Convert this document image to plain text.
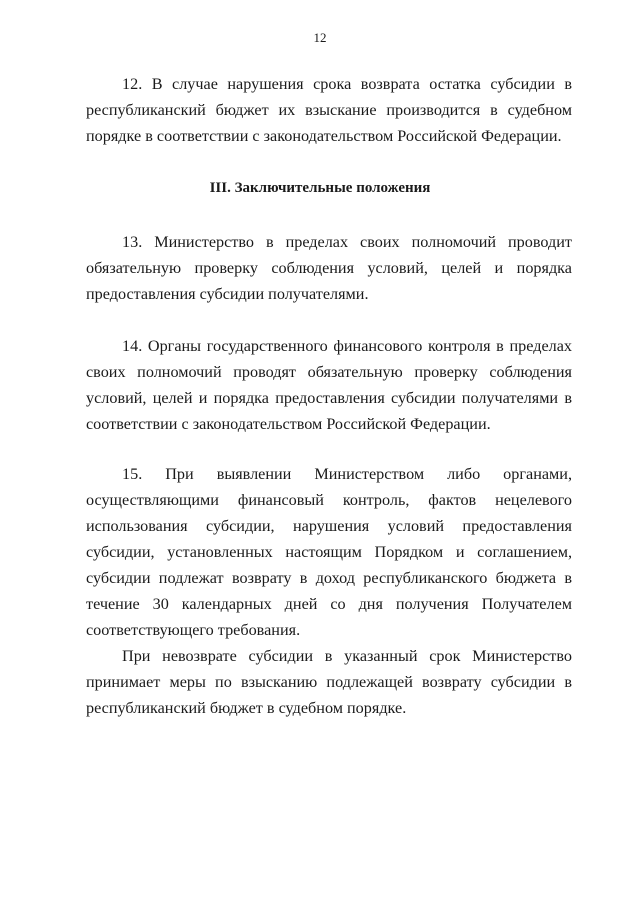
12

12. В случае нарушения срока возврата остатка субсидии в республиканский бюджет их взыскание производится в судебном порядке в соответствии с законодательством Российской Федерации.

III. Заключительные положения

13. Министерство в пределах своих полномочий проводит обязательную проверку соблюдения условий, целей и порядка предоставления субсидии получателями.

14. Органы государственного финансового контроля в пределах своих полномочий проводят обязательную проверку соблюдения условий, целей и порядка предоставления субсидии получателями в соответствии с законодательством Российской Федерации.

15. При выявлении Министерством либо органами, осуществляющими финансовый контроль, фактов нецелевого использования субсидии, нарушения условий предоставления субсидии, установленных настоящим Порядком и соглашением, субсидии подлежат возврату в доход республиканского бюджета в течение 30 календарных дней со дня получения Получателем соответствующего требования.

При невозврате субсидии в указанный срок Министерство принимает меры по взысканию подлежащей возврату субсидии в республиканский бюджет в судебном порядке.
